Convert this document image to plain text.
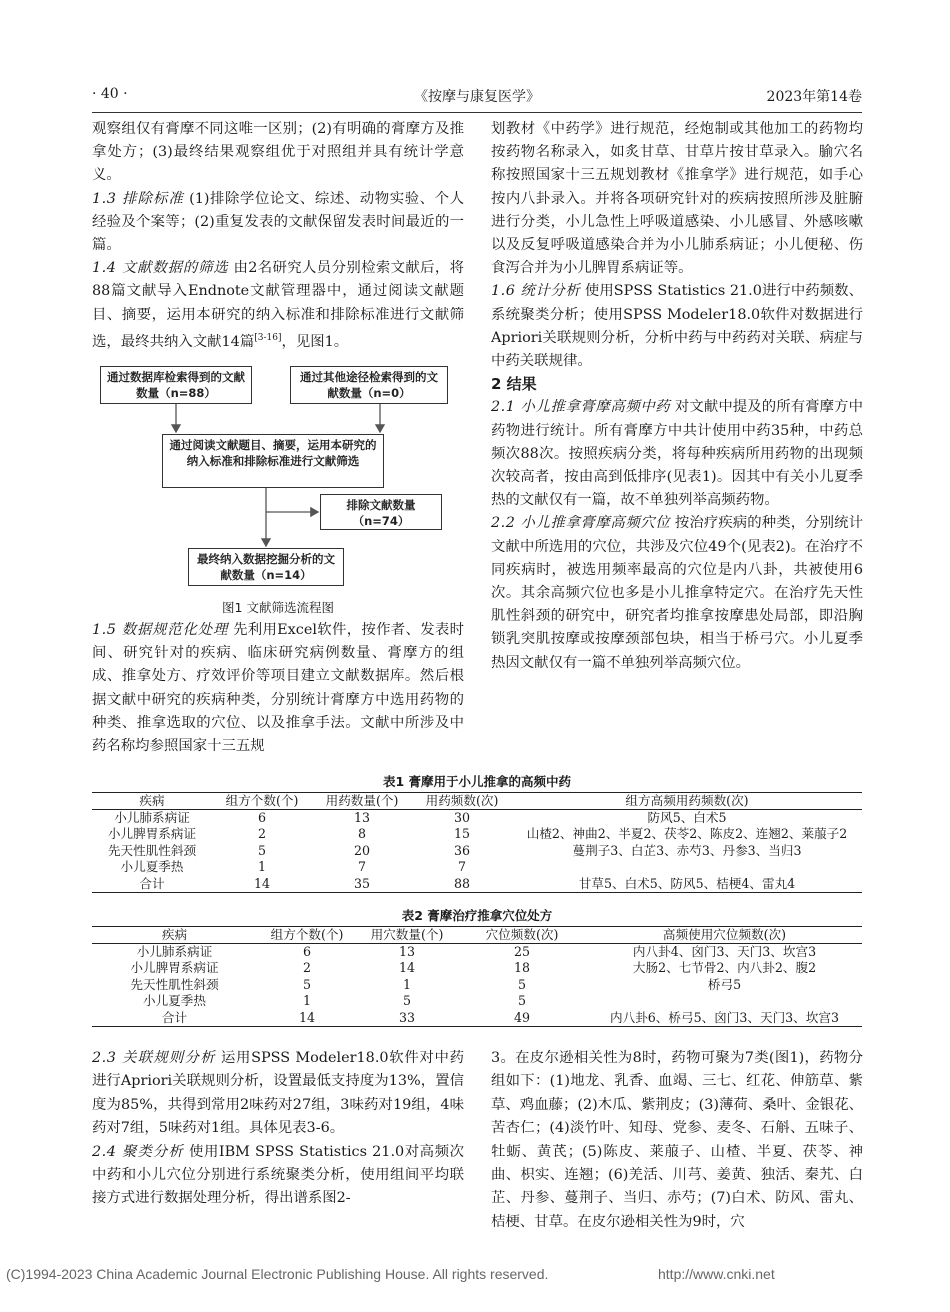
· 40 ·	《按摩与康复医学》	2023年第14卷

观察组仅有膏摩不同这唯一区别；(2)有明确的膏摩方及推拿处方；(3)最终结果观察组优于对照组并具有统计学意义。

1.3 排除标准 (1)排除学位论文、综述、动物实验、个人经验及个案等；(2)重复发表的文献保留发表时间最近的一篇。

1.4 文献数据的筛选 由2名研究人员分别检索文献后，将88篇文献导入Endnote文献管理器中，通过阅读文献题目、摘要，运用本研究的纳入标准和排除标准进行文献筛选，最终共纳入文献14篇[3-16]，见图1。

通过数据库检索得到的文献数量（n=88）
通过其他途径检索得到的文献数量（n=0）
通过阅读文献题目、摘要，运用本研究的纳入标准和排除标准进行文献筛选
排除文献数量（n=74）
最终纳入数据挖掘分析的文献数量（n=14）
图1 文献筛选流程图

1.5 数据规范化处理 先利用Excel软件，按作者、发表时间、研究针对的疾病、临床研究病例数量、膏摩方的组成、推拿处方、疗效评价等项目建立文献数据库。然后根据文献中研究的疾病种类，分别统计膏摩方中选用药物的种类、推拿选取的穴位、以及推拿手法。文献中所涉及中药名称均参照国家十三五规

划教材《中药学》进行规范，经炮制或其他加工的药物均按药物名称录入，如炙甘草、甘草片按甘草录入。腧穴名称按照国家十三五规划教材《推拿学》进行规范，如手心按内八卦录入。并将各项研究针对的疾病按照所涉及脏腑进行分类，小儿急性上呼吸道感染、小儿感冒、外感咳嗽以及反复呼吸道感染合并为小儿肺系病证；小儿便秘、伤食泻合并为小儿脾胃系病证等。

1.6 统计分析 使用SPSS Statistics 21.0进行中药频数、系统聚类分析；使用SPSS Modeler18.0软件对数据进行Apriori关联规则分析，分析中药与中药药对关联、病症与中药关联规律。

2 结果

2.1 小儿推拿膏摩高频中药 对文献中提及的所有膏摩方中药物进行统计。所有膏摩方中共计使用中药35种，中药总频次88次。按照疾病分类，将每种疾病所用药物的出现频次较高者，按由高到低排序(见表1)。因其中有关小儿夏季热的文献仅有一篇，故不单独列举高频药物。

2.2 小儿推拿膏摩高频穴位 按治疗疾病的种类，分别统计文献中所选用的穴位，共涉及穴位49个(见表2)。在治疗不同疾病时，被选用频率最高的穴位是内八卦，共被使用6次。其余高频穴位也多是小儿推拿特定穴。在治疗先天性肌性斜颈的研究中，研究者均推拿按摩患处局部，即沿胸锁乳突肌按摩或按摩颈部包块，相当于桥弓穴。小儿夏季热因文献仅有一篇不单独列举高频穴位。

表1 膏摩用于小儿推拿的高频中药
疾病	组方个数(个)	用药数量(个)	用药频数(次)	组方高频用药频数(次)
小儿肺系病证	6	13	30	防风5、白术5
小儿脾胃系病证	2	8	15	山楂2、神曲2、半夏2、茯苓2、陈皮2、连翘2、莱菔子2
先天性肌性斜颈	5	20	36	蔓荆子3、白芷3、赤芍3、丹参3、当归3
小儿夏季热	1	7	7	
合计	14	35	88	甘草5、白术5、防风5、桔梗4、雷丸4
表2 膏摩治疗推拿穴位处方
疾病	组方个数(个)	用穴数量(个)	穴位频数(次)	高频使用穴位频数(次)
小儿肺系病证	6	13	25	内八卦4、囟门3、天门3、坎宫3
小儿脾胃系病证	2	14	18	大肠2、七节骨2、内八卦2、腹2
先天性肌性斜颈	5	1	5	桥弓5
小儿夏季热	1	5	5	
合计	14	33	49	内八卦6、桥弓5、囟门3、天门3、坎宫3

2.3 关联规则分析 运用SPSS Modeler18.0软件对中药进行Apriori关联规则分析，设置最低支持度为13%，置信度为85%，共得到常用2味药对27组，3味药对19组，4味药对7组，5味药对1组。具体见表3-6。

2.4 聚类分析 使用IBM SPSS Statistics 21.0对高频次中药和小儿穴位分别进行系统聚类分析，使用组间平均联接方式进行数据处理分析，得出谱系图2-

3。在皮尔逊相关性为8时，药物可聚为7类(图1)，药物分组如下：(1)地龙、乳香、血竭、三七、红花、伸筋草、紫草、鸡血藤；(2)木瓜、紫荆皮；(3)薄荷、桑叶、金银花、苦杏仁；(4)淡竹叶、知母、党参、麦冬、石斛、五味子、牡蛎、黄芪；(5)陈皮、莱菔子、山楂、半夏、茯苓、神曲、枳实、连翘；(6)羌活、川芎、姜黄、独活、秦艽、白芷、丹参、蔓荆子、当归、赤芍；(7)白术、防风、雷丸、桔梗、甘草。在皮尔逊相关性为9时，穴

(C)1994-2023 China Academic Journal Electronic Publishing House. All rights reserved.	http://www.cnki.net
